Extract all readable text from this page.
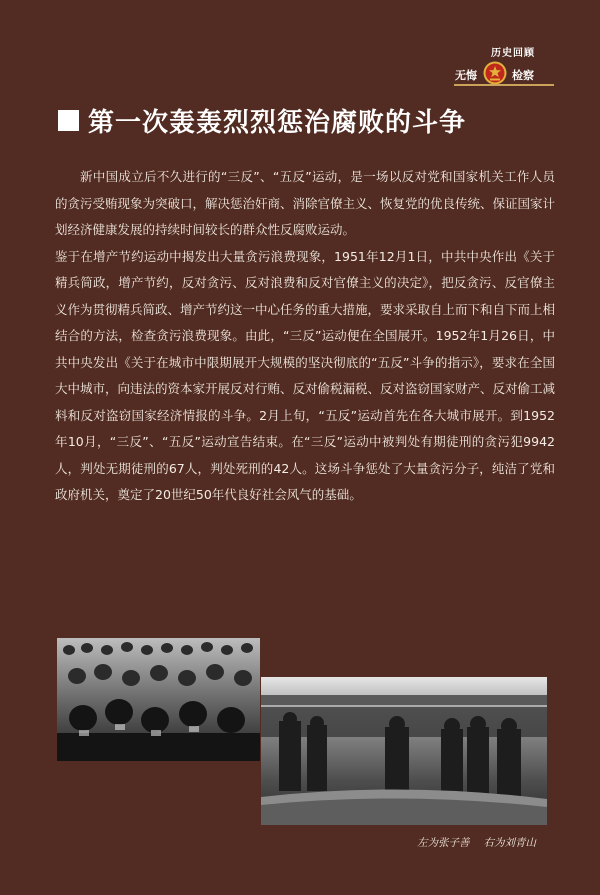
历史回顾
无悔	检察
第一次轰轰烈烈惩治腐败的斗争

新中国成立后不久进行的“三反”、“五反”运动，是一场以反对党和国家机关工作人员的贪污受贿现象为突破口，解决惩治奸商、消除官僚主义、恢复党的优良传统、保证国家计划经济健康发展的持续时间较长的群众性反腐败运动。

鉴于在增产节约运动中揭发出大量贪污浪费现象，1951年12月1日，中共中央作出《关于精兵简政，增产节约，反对贪污、反对浪费和反对官僚主义的决定》，把反贪污、反官僚主义作为贯彻精兵简政、增产节约这一中心任务的重大措施，要求采取自上而下和自下而上相结合的方法，检查贪污浪费现象。由此，“三反”运动便在全国展开。1952年1月26日，中共中央发出《关于在城市中限期展开大规模的坚决彻底的“五反”斗争的指示》，要求在全国大中城市，向违法的资本家开展反对行贿、反对偷税漏税、反对盗窃国家财产、反对偷工减料和反对盗窃国家经济情报的斗争。2月上旬，“五反”运动首先在各大城市展开。到1952年10月，“三反”、“五反”运动宣告结束。在“三反”运动中被判处有期徒刑的贪污犯9942人，判处无期徒刑的67人，判处死刑的42人。这场斗争惩处了大量贪污分子，纯洁了党和政府机关，奠定了20世纪50年代良好社会风气的基础。

左为张子善 右为刘青山
